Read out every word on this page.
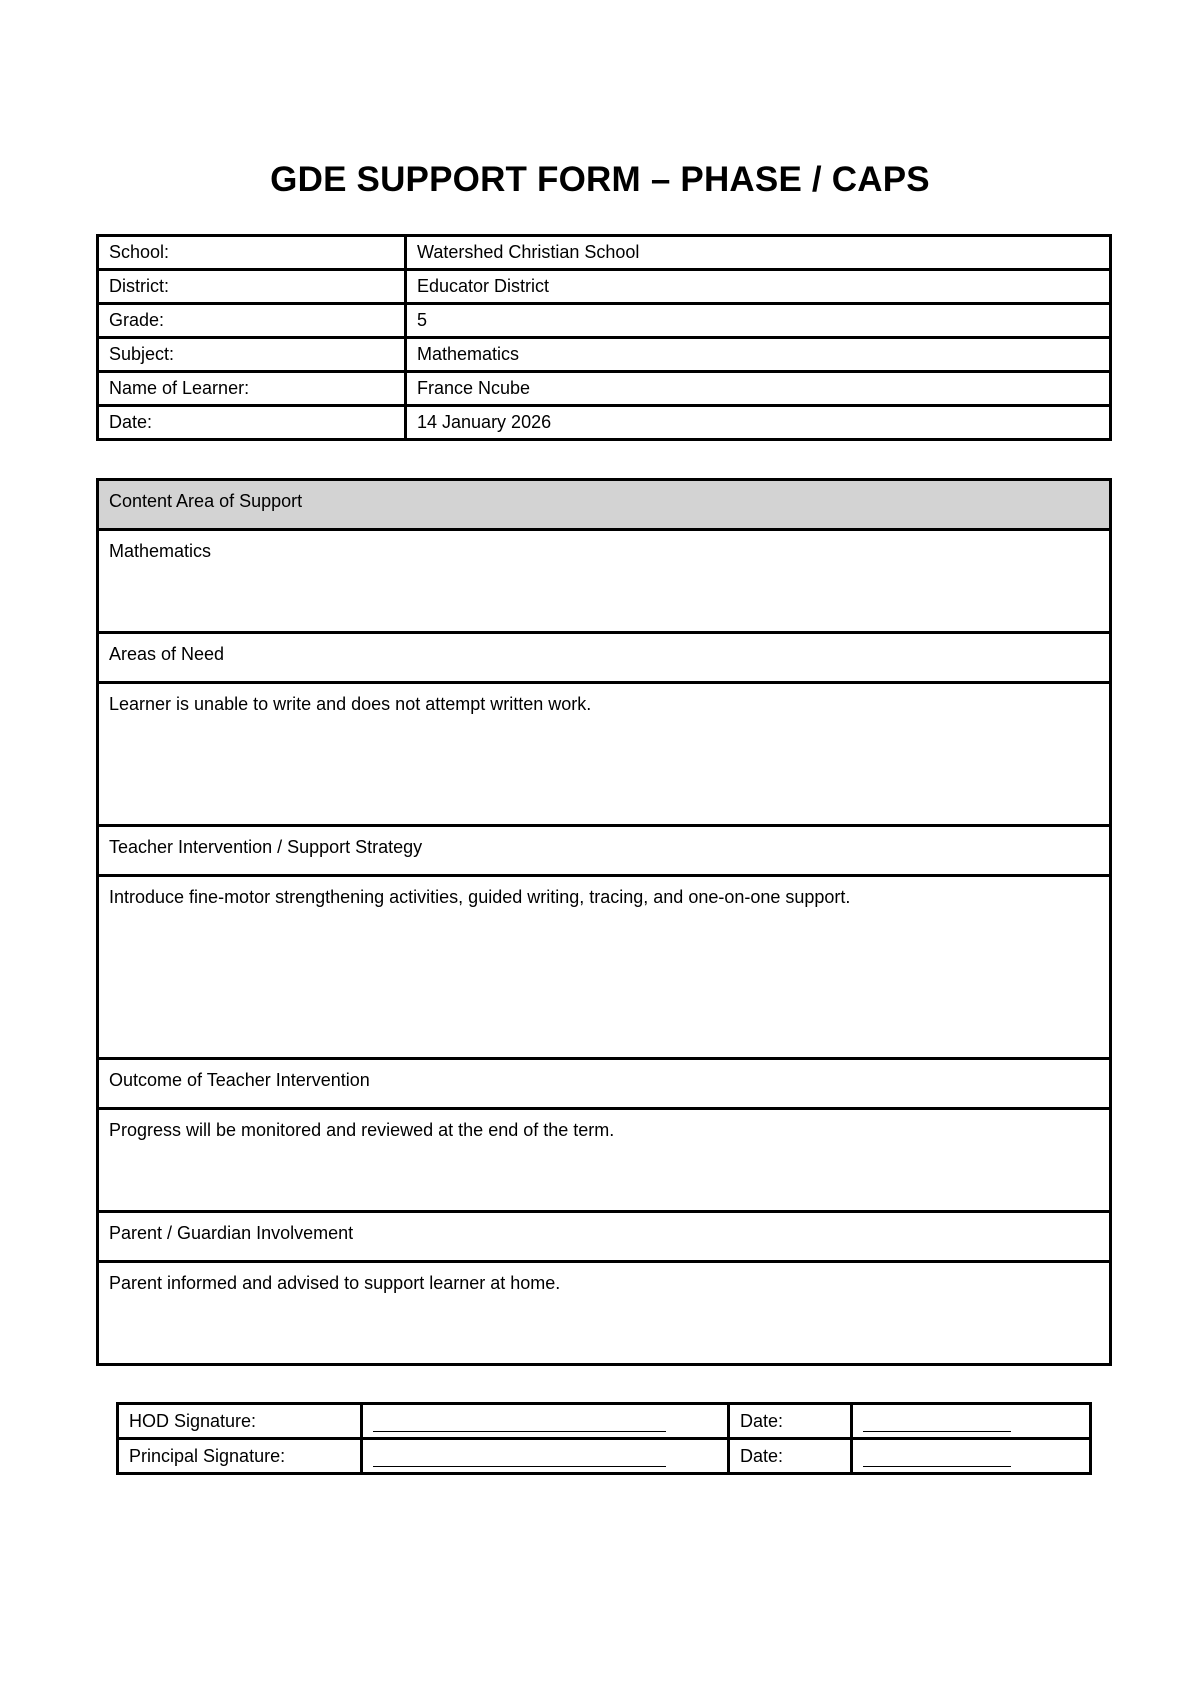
GDE SUPPORT FORM – PHASE / CAPS
School:	Watershed Christian School
District:	Educator District
Grade:	5
Subject:	Mathematics
Name of Learner:	France Ncube
Date:	14 January 2026
Content Area of Support
Mathematics
Areas of Need
Learner is unable to write and does not attempt written work.
Teacher Intervention / Support Strategy
Introduce fine-motor strengthening activities, guided writing, tracing, and one-on-one support.
Outcome of Teacher Intervention
Progress will be monitored and reviewed at the end of the term.
Parent / Guardian Involvement
Parent informed and advised to support learner at home.
HOD Signature:		Date:	
Principal Signature:		Date:	
